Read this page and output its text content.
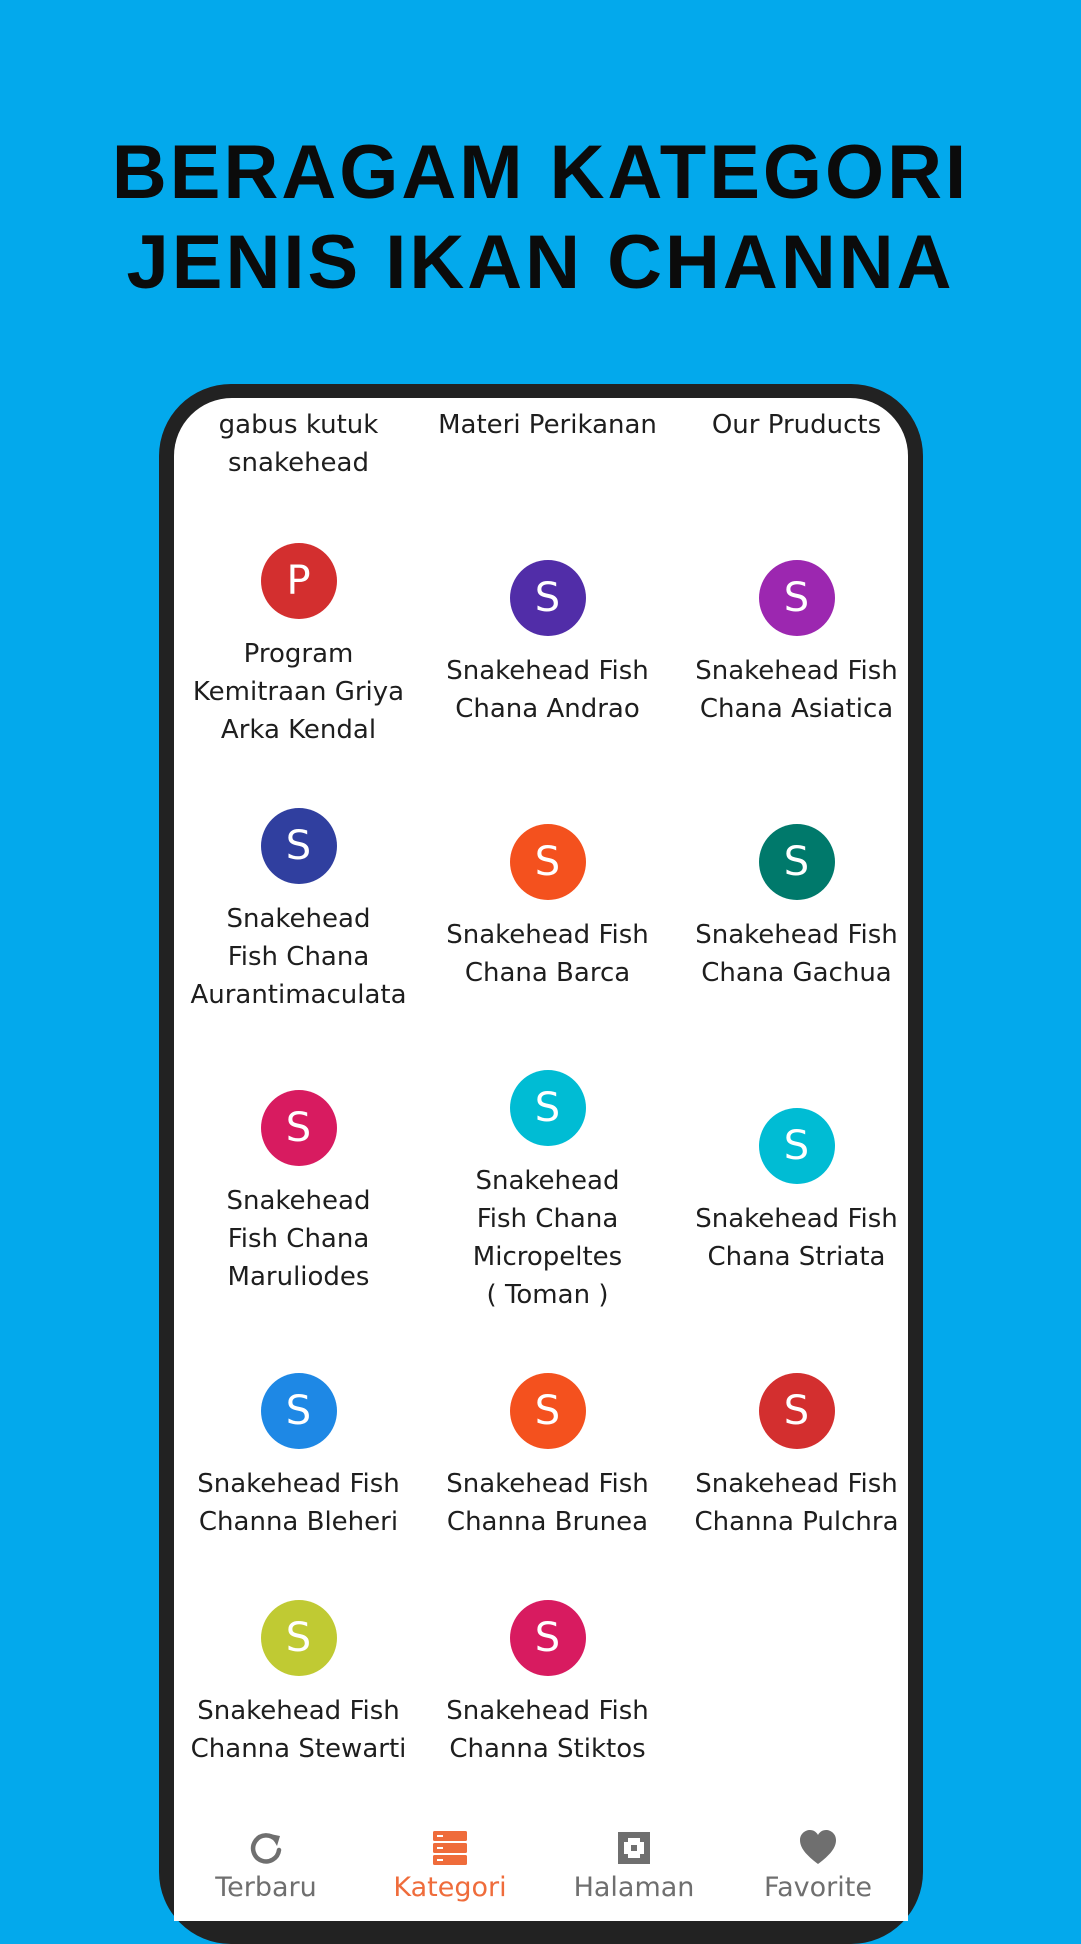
BERAGAM KATEGORI
JENIS IKAN CHANNA
gabus kutuk
snakehead
Materi Perikanan	Our Pruducts
P
Program
Kemitraan Griya
Arka Kendal
S
Snakehead Fish
Chana Andrao
S
Snakehead Fish
Chana Asiatica
S
Snakehead
Fish Chana
Aurantimaculata
S
Snakehead Fish
Chana Barca
S
Snakehead Fish
Chana Gachua
S
Snakehead
Fish Chana
Maruliodes
S
Snakehead
Fish Chana
Micropeltes
( Toman )
S
Snakehead Fish
Chana Striata
S
Snakehead Fish
Channa Bleheri
S
Snakehead Fish
Channa Brunea
S
Snakehead Fish
Channa Pulchra
S
Snakehead Fish
Channa Stewarti
S
Snakehead Fish
Channa Stiktos
Terbaru	Kategori	Halaman	Favorite
